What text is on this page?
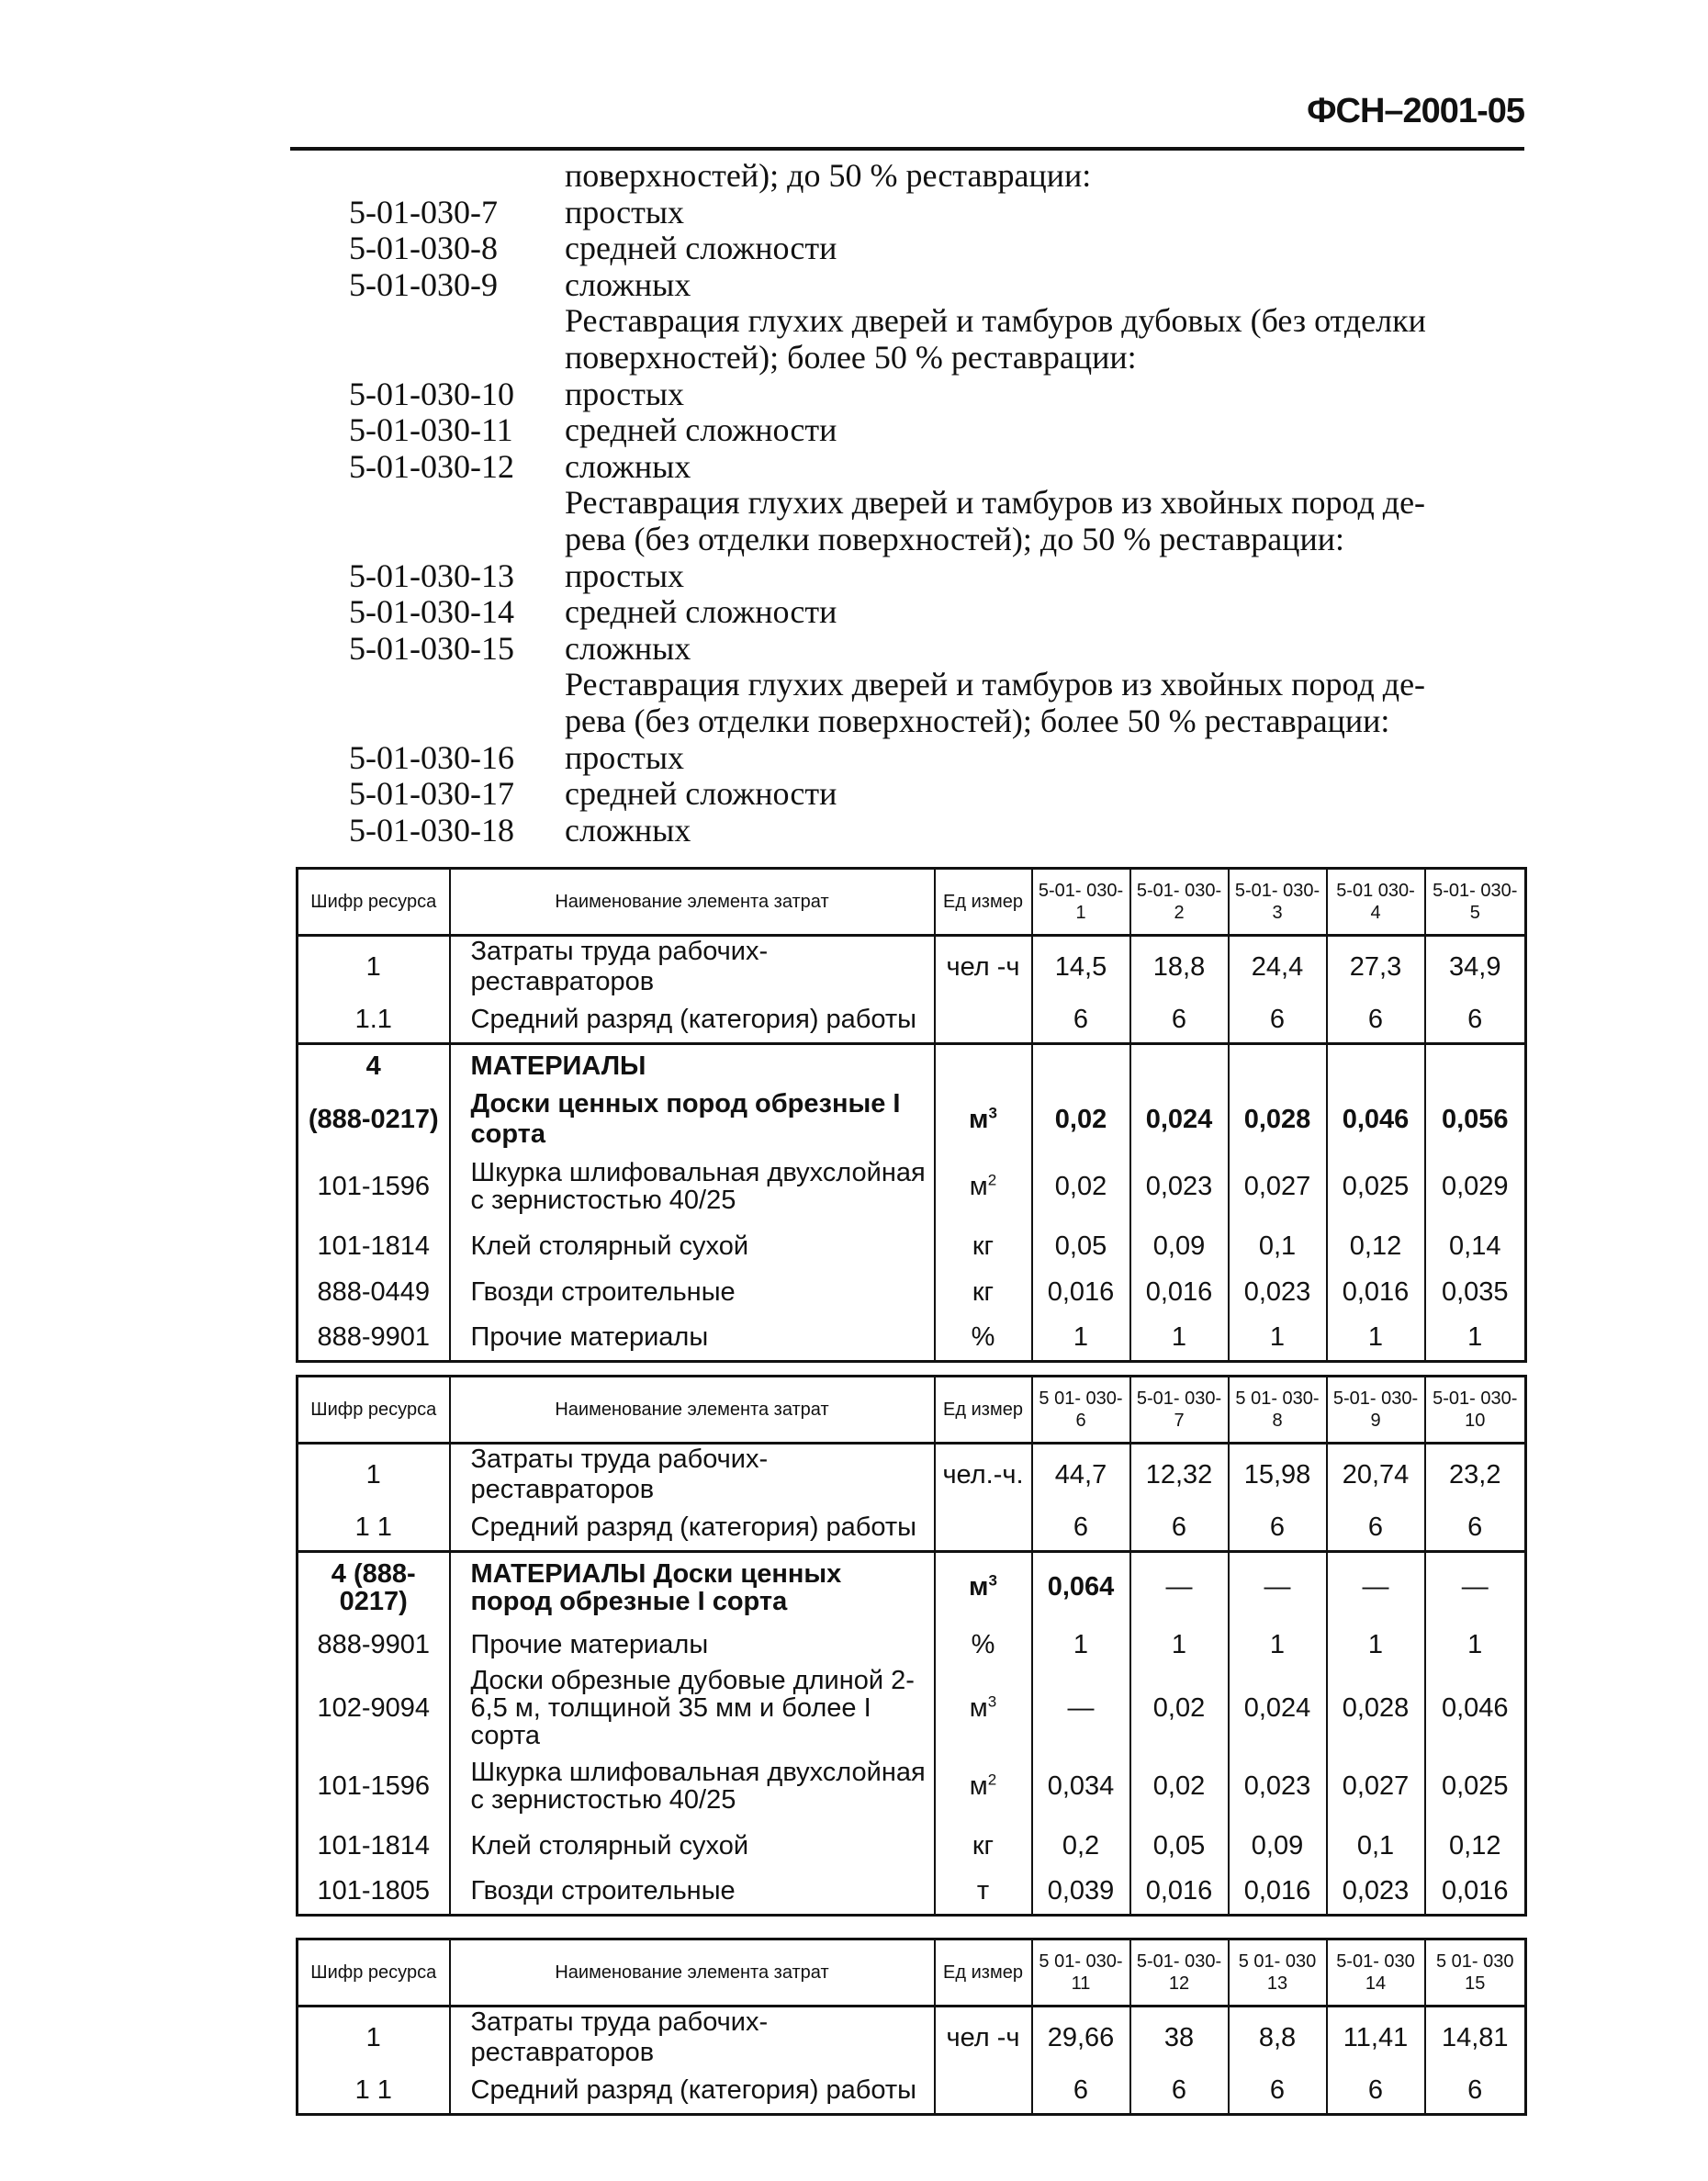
ФСН–2001-05
поверхностей); до 50 % реставрации:
5-01-030-7	простых
5-01-030-8	средней сложности
5-01-030-9	сложных
Реставрация глухих дверей и тамбуров дубовых (без отделки
поверхностей); более 50 % реставрации:
5-01-030-10	простых
5-01-030-11	средней сложности
5-01-030-12	сложных
Реставрация глухих дверей и тамбуров из хвойных пород де-
рева (без отделки поверхностей); до 50 % реставрации:
5-01-030-13	простых
5-01-030-14	средней сложности
5-01-030-15	сложных
Реставрация глухих дверей и тамбуров из хвойных пород де-
рева (без отделки поверхностей); более 50 % реставрации:
5-01-030-16	простых
5-01-030-17	средней сложности
5-01-030-18	сложных
Шифр ресурса	Наименование элемента затрат	Ед измер	5-01- 030-1	5-01- 030-2	5-01- 030-3	5-01 030-4	5-01- 030-5
1	Затраты труда рабочих-реставраторов	чел -ч	14,5	18,8	24,4	27,3	34,9
1.1	Средний разряд (категория) работы		6	6	6	6	6
4	МАТЕРИАЛЫ						
(888-0217)	Доски ценных пород обрезные I сорта	$м^3$	0,02	0,024	0,028	0,046	0,056
101-1596	Шкурка шлифовальная двухслойная с зернистостью 40/25	$м^2$	0,02	0,023	0,027	0,025	0,029
101-1814	Клей столярный сухой	кг	0,05	0,09	0,1	0,12	0,14
888-0449	Гвозди строительные	кг	0,016	0,016	0,023	0,016	0,035
888-9901	Прочие материалы	%	1	1	1	1	1
Шифр ресурса	Наименование элемента затрат	Ед измер	5 01- 030-6	5-01- 030-7	5 01- 030-8	5-01- 030-9	5-01- 030-10
1	Затраты труда рабочих-реставраторов	чел.-ч.	44,7	12,32	15,98	20,74	23,2
1 1	Средний разряд (категория) работы		6	6	6	6	6
4 (888-0217)	МАТЕРИАЛЫ Доски ценных пород обрезные I сорта	$м^3$	0,064	—	—	—	—
888-9901	Прочие материалы	%	1	1	1	1	1
102-9094	Доски обрезные дубовые длиной 2-6,5 м, толщиной 35 мм и более I сорта	$м^3$	—	0,02	0,024	0,028	0,046
101-1596	Шкурка шлифовальная двухслойная с зернистостью 40/25	$м^2$	0,034	0,02	0,023	0,027	0,025
101-1814	Клей столярный сухой	кг	0,2	0,05	0,09	0,1	0,12
101-1805	Гвозди строительные	т	0,039	0,016	0,016	0,023	0,016
Шифр ресурса	Наименование элемента затрат	Ед измер	5 01- 030-11	5-01- 030-12	5 01- 030 13	5-01- 030 14	5 01- 030 15
1	Затраты труда рабочих-реставраторов	чел -ч	29,66	38	8,8	11,41	14,81
1 1	Средний разряд (категория) работы		6	6	6	6	6
